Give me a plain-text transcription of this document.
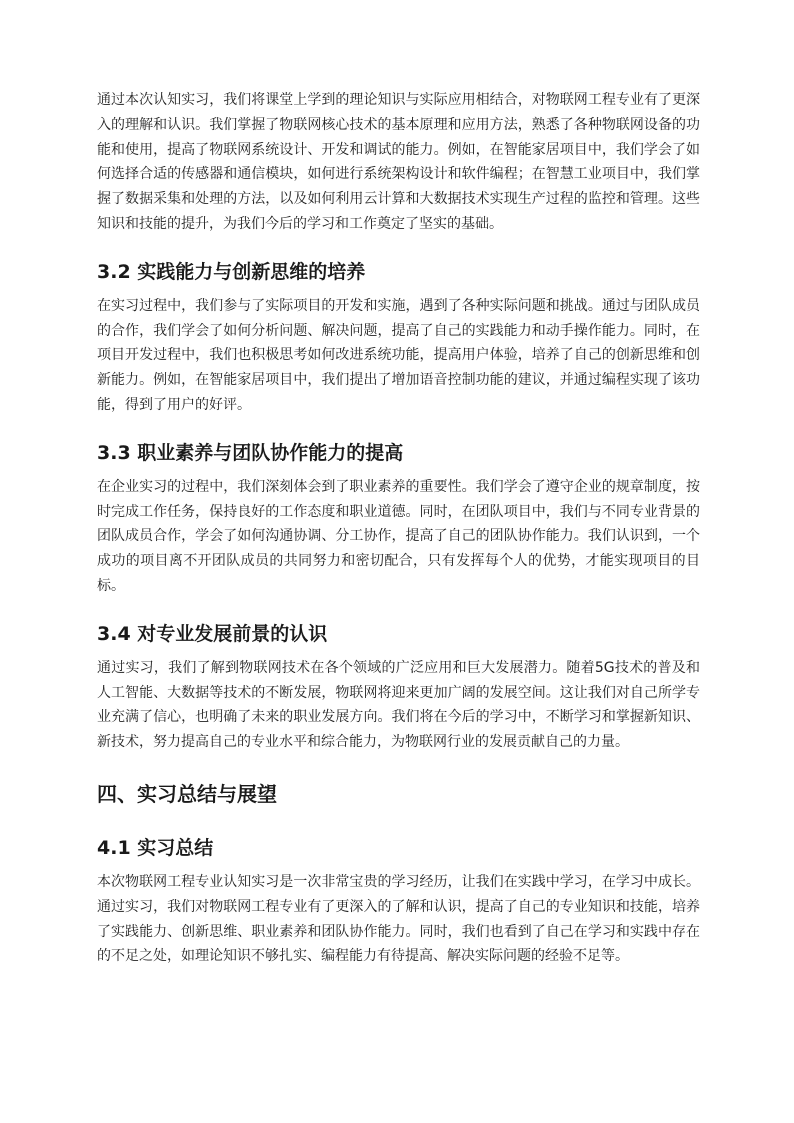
通过本次认知实习，我们将课堂上学到的理论知识与实际应用相结合，对物联网工程专业有了更深入的理解和认识。我们掌握了物联网核心技术的基本原理和应用方法，熟悉了各种物联网设备的功能和使用，提高了物联网系统设计、开发和调试的能力。例如，在智能家居项目中，我们学会了如何选择合适的传感器和通信模块，如何进行系统架构设计和软件编程；在智慧工业项目中，我们掌握了数据采集和处理的方法，以及如何利用云计算和大数据技术实现生产过程的监控和管理。这些知识和技能的提升，为我们今后的学习和工作奠定了坚实的基础。

3.2 实践能力与创新思维的培养

在实习过程中，我们参与了实际项目的开发和实施，遇到了各种实际问题和挑战。通过与团队成员的合作，我们学会了如何分析问题、解决问题，提高了自己的实践能力和动手操作能力。同时，在项目开发过程中，我们也积极思考如何改进系统功能，提高用户体验，培养了自己的创新思维和创新能力。例如，在智能家居项目中，我们提出了增加语音控制功能的建议，并通过编程实现了该功能，得到了用户的好评。

3.3 职业素养与团队协作能力的提高

在企业实习的过程中，我们深刻体会到了职业素养的重要性。我们学会了遵守企业的规章制度，按时完成工作任务，保持良好的工作态度和职业道德。同时，在团队项目中，我们与不同专业背景的团队成员合作，学会了如何沟通协调、分工协作，提高了自己的团队协作能力。我们认识到，一个成功的项目离不开团队成员的共同努力和密切配合，只有发挥每个人的优势，才能实现项目的目标。

3.4 对专业发展前景的认识

通过实习，我们了解到物联网技术在各个领域的广泛应用和巨大发展潜力。随着5G技术的普及和人工智能、大数据等技术的不断发展，物联网将迎来更加广阔的发展空间。这让我们对自己所学专业充满了信心，也明确了未来的职业发展方向。我们将在今后的学习中，不断学习和掌握新知识、新技术，努力提高自己的专业水平和综合能力，为物联网行业的发展贡献自己的力量。

四、实习总结与展望
4.1 实习总结

本次物联网工程专业认知实习是一次非常宝贵的学习经历，让我们在实践中学习，在学习中成长。通过实习，我们对物联网工程专业有了更深入的了解和认识，提高了自己的专业知识和技能，培养了实践能力、创新思维、职业素养和团队协作能力。同时，我们也看到了自己在学习和实践中存在的不足之处，如理论知识不够扎实、编程能力有待提高、解决实际问题的经验不足等。
